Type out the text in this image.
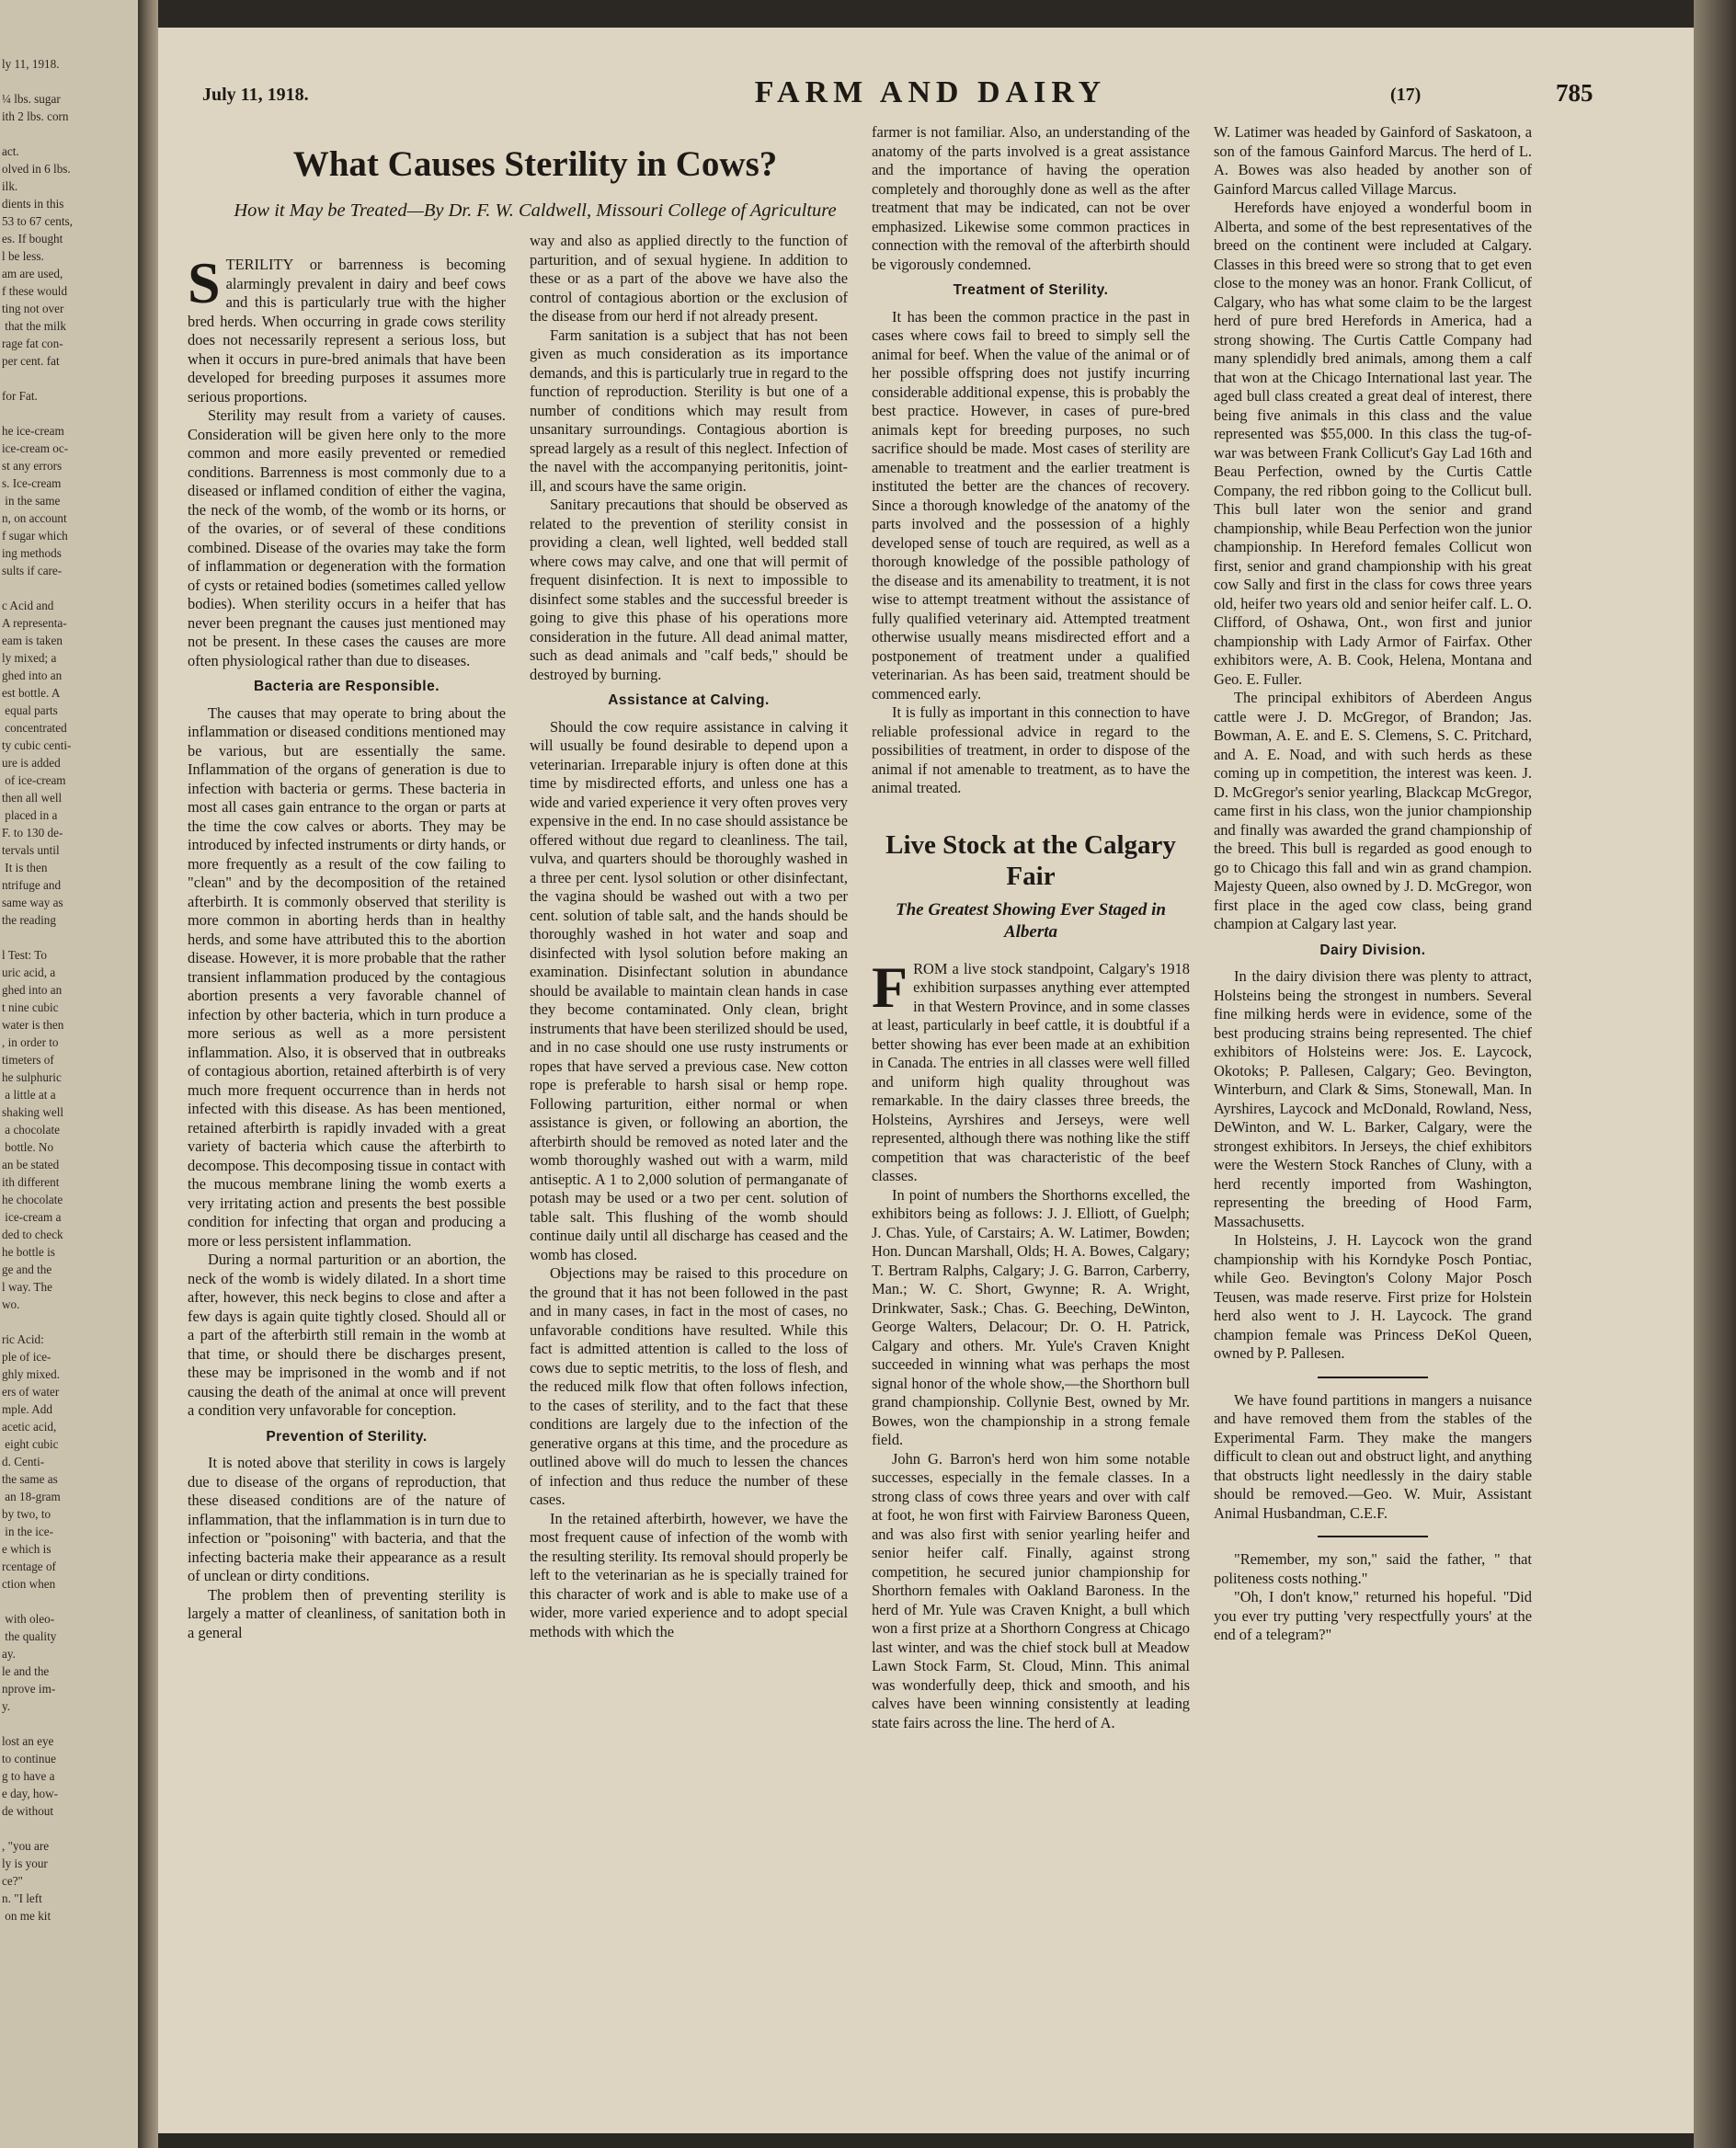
ly 11, 1918.

¼ lbs. sugar
ith 2 lbs. corn

act.
olved in 6 lbs.
ilk.
dients in this
53 to 67 cents,
es. If bought
l be less.
am are used,
f these would
ting not over
that the milk
rage fat con-
per cent. fat

for Fat.

he ice-cream
ice-cream oc-
st any errors
s. Ice-cream
in the same
n, on account
f sugar which
ing methods
sults if care-

c Acid and
A representa-
eam is taken
ly mixed; a
ghed into an
est bottle. A
equal parts
concentrated
ty cubic centi-
ure is added
of ice-cream
then all well
placed in a
F. to 130 de-
tervals until
It is then
ntrifuge and
same way as
the reading

l Test: To
uric acid, a
ghed into an
t nine cubic
water is then
, in order to
timeters of
he sulphuric
a little at a
shaking well
a chocolate
bottle. No
an be stated
ith different
he chocolate
ice-cream a
ded to check
he bottle is
ge and the
l way. The
wo.

ric Acid:
ple of ice-
ghly mixed.
ers of water
mple. Add
acetic acid,
eight cubic
d. Centi-
the same as
an 18-gram
by two, to
in the ice-
e which is
rcentage of
ction when

with oleo-
the quality
ay.
le and the
nprove im-
y.

lost an eye
to continue
g to have a
e day, how-
de without

, "you are
ly is your
ce?"
n. "I left
on me kit
July 11, 1918.	FARM AND DAIRY	(17)	785
What Causes Sterility in Cows?
How it May be Treated—By Dr. F. W. Caldwell, Missouri College of Agriculture

STERILITY or barrenness is becoming alarmingly prevalent in dairy and beef cows and this is particularly true with the higher bred herds. When occurring in grade cows sterility does not necessarily represent a serious loss, but when it occurs in pure-bred animals that have been developed for breeding purposes it assumes more serious proportions.

Sterility may result from a variety of causes. Consideration will be given here only to the more common and more easily prevented or remedied conditions. Barrenness is most commonly due to a diseased or inflamed condition of either the vagina, the neck of the womb, of the womb or its horns, or of the ovaries, or of several of these conditions combined. Disease of the ovaries may take the form of inflammation or degeneration with the formation of cysts or retained bodies (sometimes called yellow bodies). When sterility occurs in a heifer that has never been pregnant the causes just mentioned may not be present. In these cases the causes are more often physiological rather than due to diseases.

Bacteria are Responsible.

The causes that may operate to bring about the inflammation or diseased conditions mentioned may be various, but are essentially the same. Inflammation of the organs of generation is due to infection with bacteria or germs. These bacteria in most all cases gain entrance to the organ or parts at the time the cow calves or aborts. They may be introduced by infected instruments or dirty hands, or more frequently as a result of the cow failing to "clean" and by the decomposition of the retained afterbirth. It is commonly observed that sterility is more common in aborting herds than in healthy herds, and some have attributed this to the abortion disease. However, it is more probable that the rather transient inflammation produced by the contagious abortion presents a very favorable channel of infection by other bacteria, which in turn produce a more serious as well as a more persistent inflammation. Also, it is observed that in outbreaks of contagious abortion, retained afterbirth is of very much more frequent occurrence than in herds not infected with this disease. As has been mentioned, retained afterbirth is rapidly invaded with a great variety of bacteria which cause the afterbirth to decompose. This decomposing tissue in contact with the mucous membrane lining the womb exerts a very irritating action and presents the best possible condition for infecting that organ and producing a more or less persistent inflammation.

During a normal parturition or an abortion, the neck of the womb is widely dilated. In a short time after, however, this neck begins to close and after a few days is again quite tightly closed. Should all or a part of the afterbirth still remain in the womb at that time, or should there be discharges present, these may be imprisoned in the womb and if not causing the death of the animal at once will prevent a condition very unfavorable for conception.

Prevention of Sterility.

It is noted above that sterility in cows is largely due to disease of the organs of reproduction, that these diseased conditions are of the nature of inflammation, that the inflammation is in turn due to infection or "poisoning" with bacteria, and that the infecting bacteria make their appearance as a result of unclean or dirty conditions.

The problem then of preventing sterility is largely a matter of cleanliness, of sanitation both in a general

way and also as applied directly to the function of parturition, and of sexual hygiene. In addition to these or as a part of the above we have also the control of contagious abortion or the exclusion of the disease from our herd if not already present.

Farm sanitation is a subject that has not been given as much consideration as its importance demands, and this is particularly true in regard to the function of reproduction. Sterility is but one of a number of conditions which may result from unsanitary surroundings. Contagious abortion is spread largely as a result of this neglect. Infection of the navel with the accompanying peritonitis, joint-ill, and scours have the same origin.

Sanitary precautions that should be observed as related to the prevention of sterility consist in providing a clean, well lighted, well bedded stall where cows may calve, and one that will permit of frequent disinfection. It is next to impossible to disinfect some stables and the successful breeder is going to give this phase of his operations more consideration in the future. All dead animal matter, such as dead animals and "calf beds," should be destroyed by burning.

Assistance at Calving.

Should the cow require assistance in calving it will usually be found desirable to depend upon a veterinarian. Irreparable injury is often done at this time by misdirected efforts, and unless one has a wide and varied experience it very often proves very expensive in the end. In no case should assistance be offered without due regard to cleanliness. The tail, vulva, and quarters should be thoroughly washed in a three per cent. lysol solution or other disinfectant, the vagina should be washed out with a two per cent. solution of table salt, and the hands should be thoroughly washed in hot water and soap and disinfected with lysol solution before making an examination. Disinfectant solution in abundance should be available to maintain clean hands in case they become contaminated. Only clean, bright instruments that have been sterilized should be used, and in no case should one use rusty instruments or ropes that have served a previous case. New cotton rope is preferable to harsh sisal or hemp rope. Following parturition, either normal or when assistance is given, or following an abortion, the afterbirth should be removed as noted later and the womb thoroughly washed out with a warm, mild antiseptic. A 1 to 2,000 solution of permanganate of potash may be used or a two per cent. solution of table salt. This flushing of the womb should continue daily until all discharge has ceased and the womb has closed.

Objections may be raised to this procedure on the ground that it has not been followed in the past and in many cases, in fact in the most of cases, no unfavorable conditions have resulted. While this fact is admitted attention is called to the loss of cows due to septic metritis, to the loss of flesh, and the reduced milk flow that often follows infection, to the cases of sterility, and to the fact that these conditions are largely due to the infection of the generative organs at this time, and the procedure as outlined above will do much to lessen the chances of infection and thus reduce the number of these cases.

In the retained afterbirth, however, we have the most frequent cause of infection of the womb with the resulting sterility. Its removal should properly be left to the veterinarian as he is specially trained for this character of work and is able to make use of a wider, more varied experience and to adopt special methods with which the

farmer is not familiar. Also, an understanding of the anatomy of the parts involved is a great assistance and the importance of having the operation completely and thoroughly done as well as the after treatment that may be indicated, can not be over emphasized. Likewise some common practices in connection with the removal of the afterbirth should be vigorously condemned.

Treatment of Sterility.

It has been the common practice in the past in cases where cows fail to breed to simply sell the animal for beef. When the value of the animal or of her possible offspring does not justify incurring considerable additional expense, this is probably the best practice. However, in cases of pure-bred animals kept for breeding purposes, no such sacrifice should be made. Most cases of sterility are amenable to treatment and the earlier treatment is instituted the better are the chances of recovery. Since a thorough knowledge of the anatomy of the parts involved and the possession of a highly developed sense of touch are required, as well as a thorough knowledge of the possible pathology of the disease and its amenability to treatment, it is not wise to attempt treatment without the assistance of fully qualified veterinary aid. Attempted treatment otherwise usually means misdirected effort and a postponement of treatment under a qualified veterinarian. As has been said, treatment should be commenced early.

It is fully as important in this connection to have reliable professional advice in regard to the possibilities of treatment, in order to dispose of the animal if not amenable to treatment, as to have the animal treated.

Live Stock at the Calgary Fair
The Greatest Showing Ever Staged in Alberta

FROM a live stock standpoint, Calgary's 1918 exhibition surpasses anything ever attempted in that Western Province, and in some classes at least, particularly in beef cattle, it is doubtful if a better showing has ever been made at an exhibition in Canada. The entries in all classes were well filled and uniform high quality throughout was remarkable. In the dairy classes three breeds, the Holsteins, Ayrshires and Jerseys, were well represented, although there was nothing like the stiff competition that was characteristic of the beef classes.

In point of numbers the Shorthorns excelled, the exhibitors being as follows: J. J. Elliott, of Guelph; J. Chas. Yule, of Carstairs; A. W. Latimer, Bowden; Hon. Duncan Marshall, Olds; H. A. Bowes, Calgary; T. Bertram Ralphs, Calgary; J. G. Barron, Carberry, Man.; W. C. Short, Gwynne; R. A. Wright, Drinkwater, Sask.; Chas. G. Beeching, DeWinton, George Walters, Delacour; Dr. O. H. Patrick, Calgary and others. Mr. Yule's Craven Knight succeeded in winning what was perhaps the most signal honor of the whole show,—the Shorthorn bull grand championship. Collynie Best, owned by Mr. Bowes, won the championship in a strong female field.

John G. Barron's herd won him some notable successes, especially in the female classes. In a strong class of cows three years and over with calf at foot, he won first with Fairview Baroness Queen, and was also first with senior yearling heifer and senior heifer calf. Finally, against strong competition, he secured junior championship for Shorthorn females with Oakland Baroness. In the herd of Mr. Yule was Craven Knight, a bull which won a first prize at a Shorthorn Congress at Chicago last winter, and was the chief stock bull at Meadow Lawn Stock Farm, St. Cloud, Minn. This animal was wonderfully deep, thick and smooth, and his calves have been winning consistently at leading state fairs across the line. The herd of A.

W. Latimer was headed by Gainford of Saskatoon, a son of the famous Gainford Marcus. The herd of L. A. Bowes was also headed by another son of Gainford Marcus called Village Marcus.

Herefords have enjoyed a wonderful boom in Alberta, and some of the best representatives of the breed on the continent were included at Calgary. Classes in this breed were so strong that to get even close to the money was an honor. Frank Collicut, of Calgary, who has what some claim to be the largest herd of pure bred Herefords in America, had a strong showing. The Curtis Cattle Company had many splendidly bred animals, among them a calf that won at the Chicago International last year. The aged bull class created a great deal of interest, there being five animals in this class and the value represented was $55,000. In this class the tug-of-war was between Frank Collicut's Gay Lad 16th and Beau Perfection, owned by the Curtis Cattle Company, the red ribbon going to the Collicut bull. This bull later won the senior and grand championship, while Beau Perfection won the junior championship. In Hereford females Collicut won first, senior and grand championship with his great cow Sally and first in the class for cows three years old, heifer two years old and senior heifer calf. L. O. Clifford, of Oshawa, Ont., won first and junior championship with Lady Armor of Fairfax. Other exhibitors were, A. B. Cook, Helena, Montana and Geo. E. Fuller.

The principal exhibitors of Aberdeen Angus cattle were J. D. McGregor, of Brandon; Jas. Bowman, A. E. and E. S. Clemens, S. C. Pritchard, and A. E. Noad, and with such herds as these coming up in competition, the interest was keen. J. D. McGregor's senior yearling, Blackcap McGregor, came first in his class, won the junior championship and finally was awarded the grand championship of the breed. This bull is regarded as good enough to go to Chicago this fall and win as grand champion. Majesty Queen, also owned by J. D. McGregor, won first place in the aged cow class, being grand champion at Calgary last year.

Dairy Division.

In the dairy division there was plenty to attract, Holsteins being the strongest in numbers. Several fine milking herds were in evidence, some of the best producing strains being represented. The chief exhibitors of Holsteins were: Jos. E. Laycock, Okotoks; P. Pallesen, Calgary; Geo. Bevington, Winterburn, and Clark & Sims, Stonewall, Man. In Ayrshires, Laycock and McDonald, Rowland, Ness, DeWinton, and W. L. Barker, Calgary, were the strongest exhibitors. In Jerseys, the chief exhibitors were the Western Stock Ranches of Cluny, with a herd recently imported from Washington, representing the breeding of Hood Farm, Massachusetts.

In Holsteins, J. H. Laycock won the grand championship with his Korndyke Posch Pontiac, while Geo. Bevington's Colony Major Posch Teusen, was made reserve. First prize for Holstein herd also went to J. H. Laycock. The grand champion female was Princess DeKol Queen, owned by P. Pallesen.

We have found partitions in mangers a nuisance and have removed them from the stables of the Experimental Farm. They make the mangers difficult to clean out and obstruct light, and anything that obstructs light needlessly in the dairy stable should be removed.—Geo. W. Muir, Assistant Animal Husbandman, C.E.F.

"Remember, my son," said the father, " that politeness costs nothing."

"Oh, I don't know," returned his hopeful. "Did you ever try putting 'very respectfully yours' at the end of a telegram?"
